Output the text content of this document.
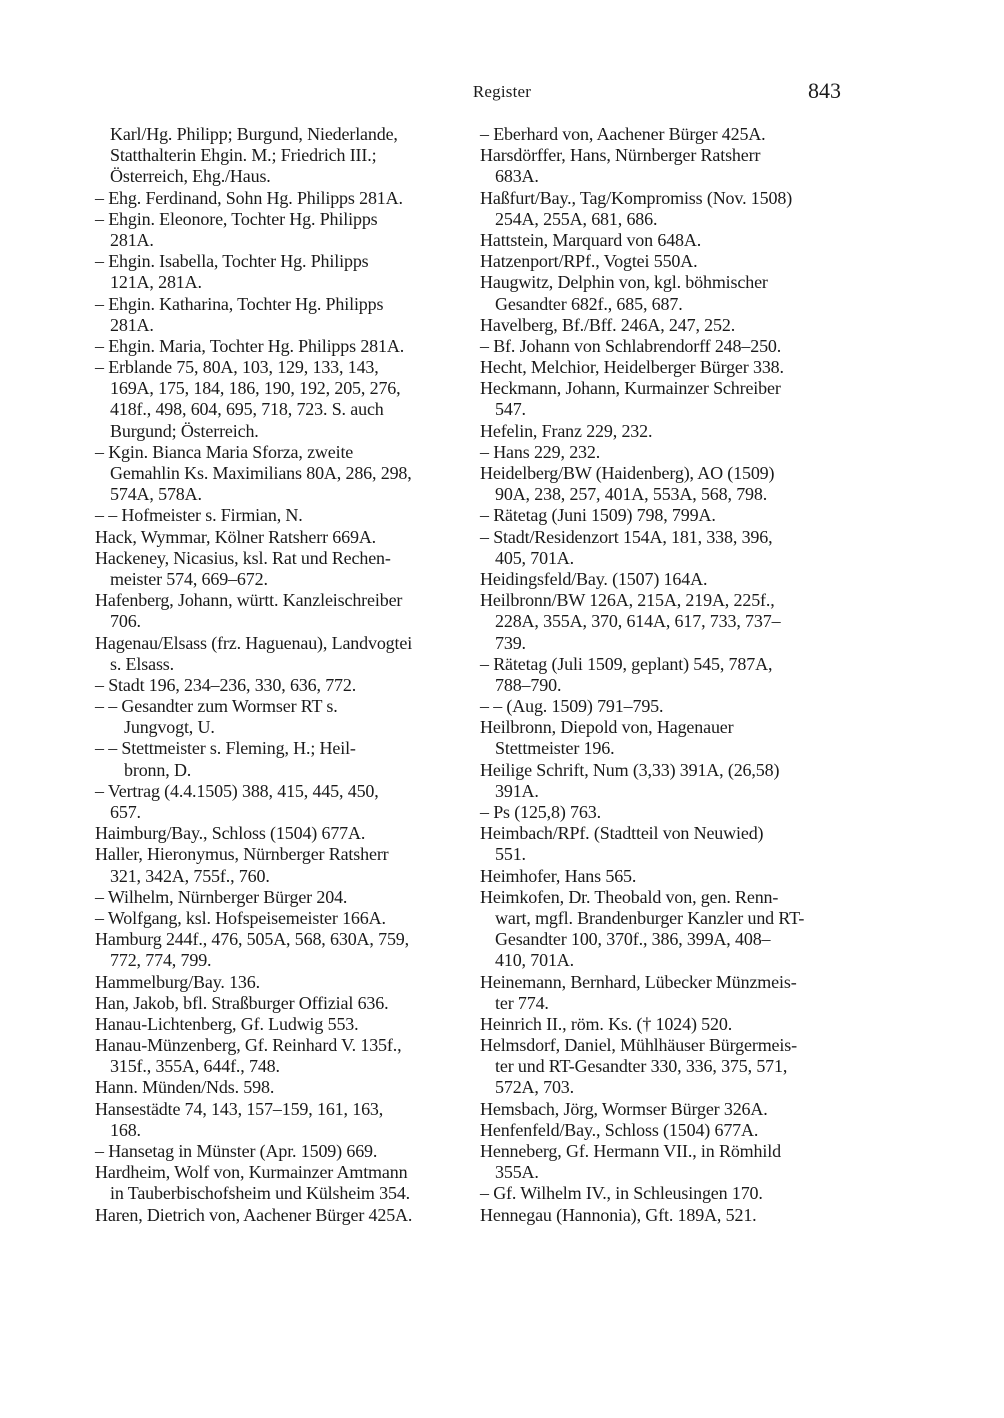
Register	843
Karl/Hg. Philipp; Burgund, Niederlande,
Statthalterin Ehgin. M.; Friedrich III.;
Österreich, Ehg./Haus.
– Ehg. Ferdinand, Sohn Hg. Philipps 281A.
– Ehgin. Eleonore, Tochter Hg. Philipps
281A.
– Ehgin. Isabella, Tochter Hg. Philipps
121A, 281A.
– Ehgin. Katharina, Tochter Hg. Philipps
281A.
– Ehgin. Maria, Tochter Hg. Philipps 281A.
– Erblande 75, 80A, 103, 129, 133, 143,
169A, 175, 184, 186, 190, 192, 205, 276,
418f., 498, 604, 695, 718, 723. S. auch
Burgund; Österreich.
– Kgin. Bianca Maria Sforza, zweite
Gemahlin Ks. Maximilians 80A, 286, 298,
574A, 578A.
– – Hofmeister s. Firmian, N.
Hack, Wymmar, Kölner Ratsherr 669A.
Hackeney, Nicasius, ksl. Rat und Rechen-
meister 574, 669–672.
Hafenberg, Johann, württ. Kanzleischreiber
706.
Hagenau/Elsass (frz. Haguenau), Landvogtei
s. Elsass.
– Stadt 196, 234–236, 330, 636, 772.
– – Gesandter zum Wormser RT s.
Jungvogt, U.
– – Stettmeister s. Fleming, H.; Heil-
bronn, D.
– Vertrag (4.4.1505) 388, 415, 445, 450,
657.
Haimburg/Bay., Schloss (1504) 677A.
Haller, Hieronymus, Nürnberger Ratsherr
321, 342A, 755f., 760.
– Wilhelm, Nürnberger Bürger 204.
– Wolfgang, ksl. Hofspeisemeister 166A.
Hamburg 244f., 476, 505A, 568, 630A, 759,
772, 774, 799.
Hammelburg/Bay. 136.
Han, Jakob, bfl. Straßburger Offizial 636.
Hanau-Lichtenberg, Gf. Ludwig 553.
Hanau-Münzenberg, Gf. Reinhard V. 135f.,
315f., 355A, 644f., 748.
Hann. Münden/Nds. 598.
Hansestädte 74, 143, 157–159, 161, 163,
168.
– Hansetag in Münster (Apr. 1509) 669.
Hardheim, Wolf von, Kurmainzer Amtmann
in Tauberbischofsheim und Külsheim 354.
Haren, Dietrich von, Aachener Bürger 425A.
– Eberhard von, Aachener Bürger 425A.
Harsdörffer, Hans, Nürnberger Ratsherr
683A.
Haßfurt/Bay., Tag/Kompromiss (Nov. 1508)
254A, 255A, 681, 686.
Hattstein, Marquard von 648A.
Hatzenport/RPf., Vogtei 550A.
Haugwitz, Delphin von, kgl. böhmischer
Gesandter 682f., 685, 687.
Havelberg, Bf./Bff. 246A, 247, 252.
– Bf. Johann von Schlabrendorff 248–250.
Hecht, Melchior, Heidelberger Bürger 338.
Heckmann, Johann, Kurmainzer Schreiber
547.
Hefelin, Franz 229, 232.
– Hans 229, 232.
Heidelberg/BW (Haidenberg), AO (1509)
90A, 238, 257, 401A, 553A, 568, 798.
– Rätetag (Juni 1509) 798, 799A.
– Stadt/Residenzort 154A, 181, 338, 396,
405, 701A.
Heidingsfeld/Bay. (1507) 164A.
Heilbronn/BW 126A, 215A, 219A, 225f.,
228A, 355A, 370, 614A, 617, 733, 737–
739.
– Rätetag (Juli 1509, geplant) 545, 787A,
788–790.
– – (Aug. 1509) 791–795.
Heilbronn, Diepold von, Hagenauer
Stettmeister 196.
Heilige Schrift, Num (3,33) 391A, (26,58)
391A.
– Ps (125,8) 763.
Heimbach/RPf. (Stadtteil von Neuwied)
551.
Heimhofer, Hans 565.
Heimkofen, Dr. Theobald von, gen. Renn-
wart, mgfl. Brandenburger Kanzler und RT-
Gesandter 100, 370f., 386, 399A, 408–
410, 701A.
Heinemann, Bernhard, Lübecker Münzmeis-
ter 774.
Heinrich II., röm. Ks. († 1024) 520.
Helmsdorf, Daniel, Mühlhäuser Bürgermeis-
ter und RT-Gesandter 330, 336, 375, 571,
572A, 703.
Hemsbach, Jörg, Wormser Bürger 326A.
Henfenfeld/Bay., Schloss (1504) 677A.
Henneberg, Gf. Hermann VII., in Römhild
355A.
– Gf. Wilhelm IV., in Schleusingen 170.
Hennegau (Hannonia), Gft. 189A, 521.
